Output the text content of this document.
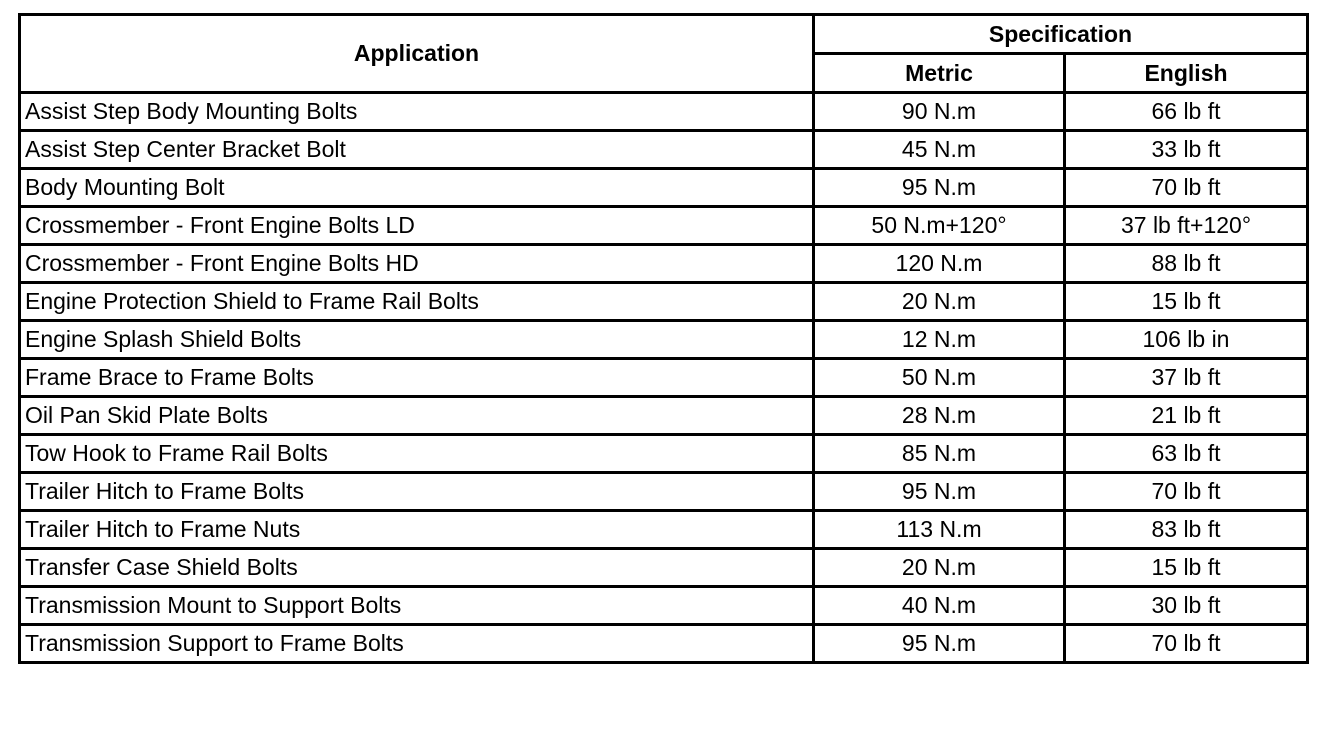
Application	Specification	
	Metric	English
Assist Step Body Mounting Bolts	90 N.m	66 lb ft
Assist Step Center Bracket Bolt	45 N.m	33 lb ft
Body Mounting Bolt	95 N.m	70 lb ft
Crossmember - Front Engine Bolts LD	50 N.m+120°	37 lb ft+120°
Crossmember - Front Engine Bolts HD	120 N.m	88 lb ft
Engine Protection Shield to Frame Rail Bolts	20 N.m	15 lb ft
Engine Splash Shield Bolts	12 N.m	106 lb in
Frame Brace to Frame Bolts	50 N.m	37 lb ft
Oil Pan Skid Plate Bolts	28 N.m	21 lb ft
Tow Hook to Frame Rail Bolts	85 N.m	63 lb ft
Trailer Hitch to Frame Bolts	95 N.m	70 lb ft
Trailer Hitch to Frame Nuts	113 N.m	83 lb ft
Transfer Case Shield Bolts	20 N.m	15 lb ft
Transmission Mount to Support Bolts	40 N.m	30 lb ft
Transmission Support to Frame Bolts	95 N.m	70 lb ft
